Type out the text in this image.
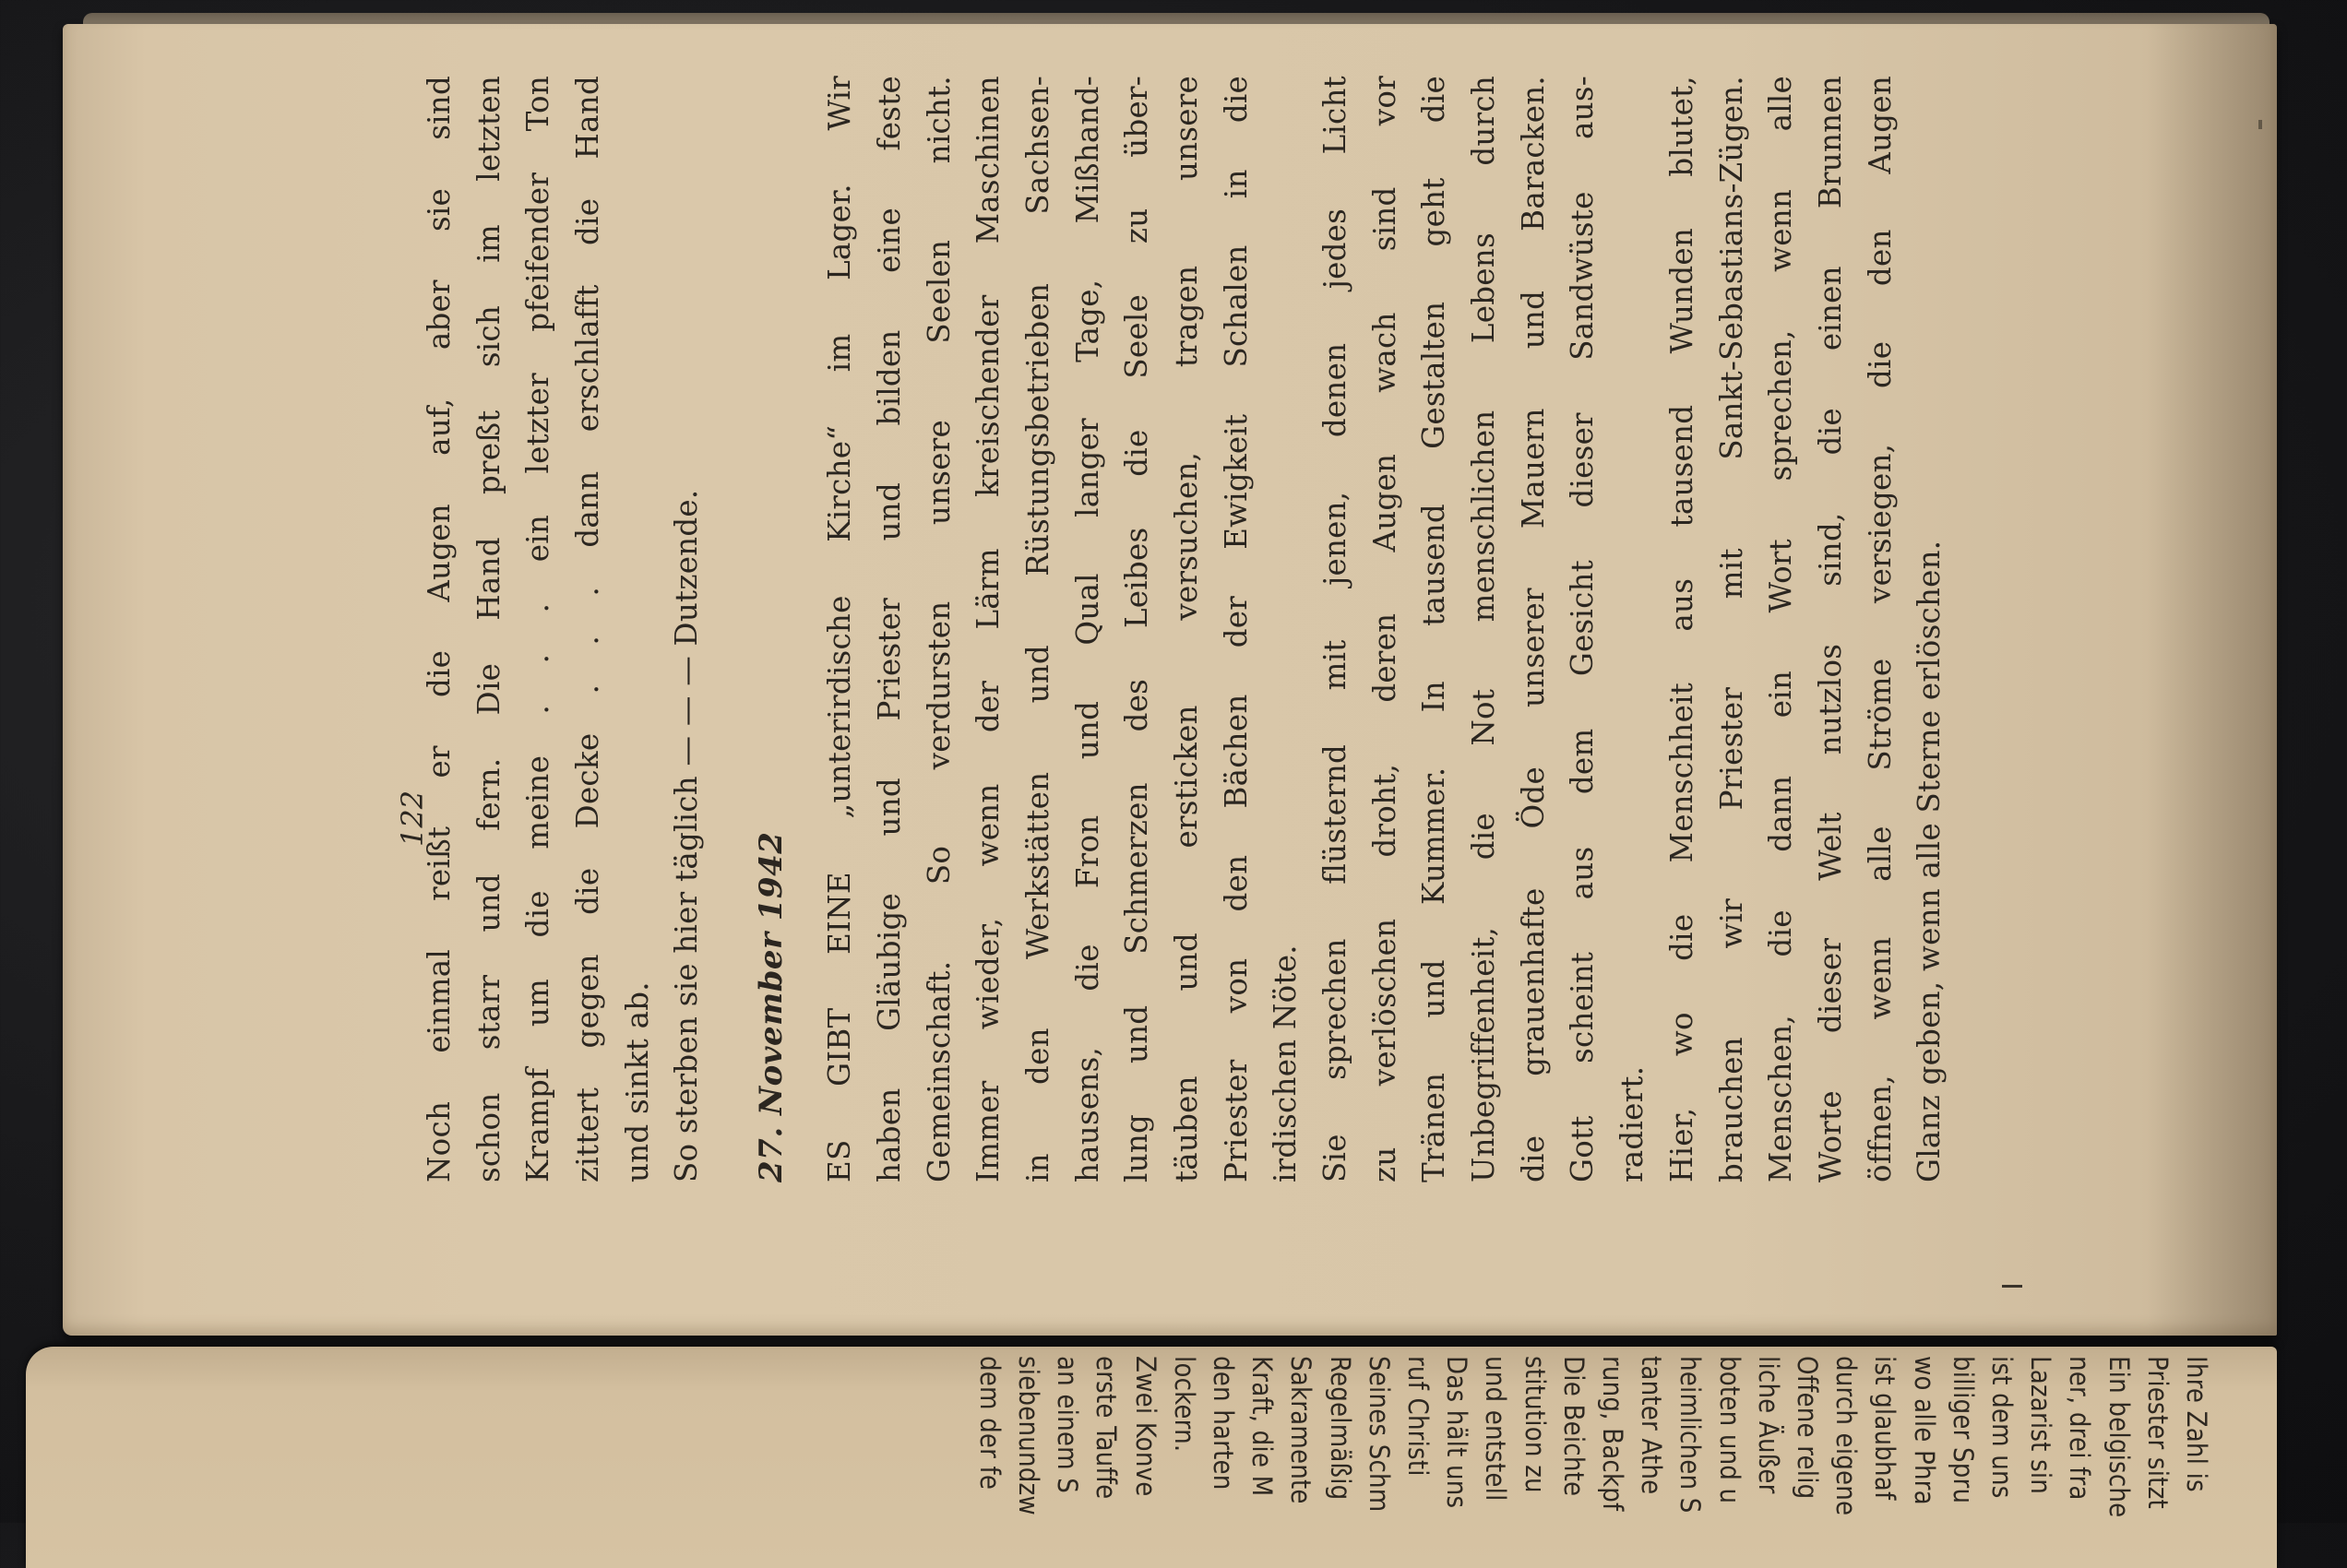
Noch einmal reißt er die Augen auf, aber sie sind schon starr und fern. Die Hand preßt sich im letzten Krampf um die meine . . . ein letzter pfeifender Ton zittert gegen die Decke . . . dann erschlafft die Hand und sinkt ab. So sterben sie hier täglich — — — Dutzende. 27. November 1942	ES GIBT EINE „unterirdische Kirche“ im Lager. Wir haben Gläubige und Priester und bilden eine feste Gemeinschaft. So verdursten unsere Seelen nicht. Immer wieder, wenn der Lärm kreischender Maschinen in den Werkstätten und Rüstungsbetrieben Sachsen- hausens, die Fron und Qual langer Tage, Mißhand- lung und Schmerzen des Leibes die Seele zu über- täuben und ersticken versuchen, tragen unsere Priester von den Bächen der Ewigkeit Schalen in die irdischen Nöte. Sie sprechen flüsternd mit jenen, denen jedes Licht zu verlöschen droht, deren Augen wach sind vor Tränen und Kummer. In tausend Gestalten geht die Unbegriffenheit, die Not menschlichen Lebens durch die grauenhafte Öde unserer Mauern und Baracken. Gott scheint aus dem Gesicht dieser Sandwüste aus- radiert. Hier, wo die Menschheit aus tausend Wunden blutet, brauchen wir Priester mit Sankt-Sebastians-Zügen. Menschen, die dann ein Wort sprechen, wenn alle Worte dieser Welt nutzlos sind, die einen Brunnen öffnen, wenn alle Ströme versiegen, die den Augen Glanz geben, wenn alle Sterne erlöschen.
122
Ihre Zahl is
Priester sitzt
Ein belgische
ner, drei fra
Lazarist sin
ist dem uns
billiger Spru
wo alle Phra
ist glaubhaf
durch eigene
Offene relig
liche Äußer
boten und u
heimlichen S
tanter Athe
rung, Backpf
Die Beichte
stitution zu
und entstell
Das hält uns
ruf Christi
Seines Schm
Regelmäßig
Sakramente
Kraft, die M
den harten
lockern.
Zwei Konve
erste Tauffe
an einem S
siebenundzw
dem der fe
